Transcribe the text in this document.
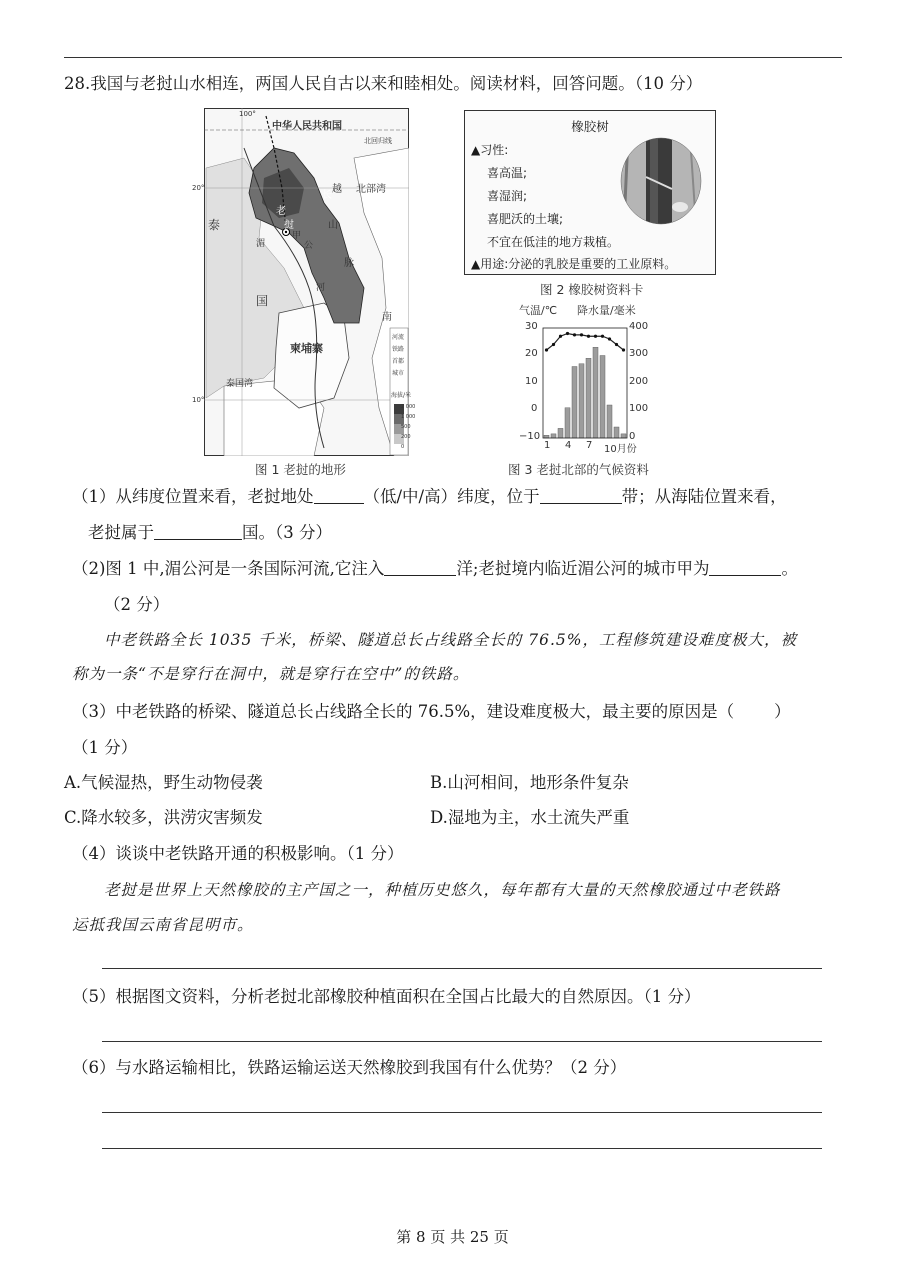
28.我国与老挝山水相连，两国人民自古以来和睦相处。阅读材料，回答问题。（10 分）
100°
中华人民共和国
北回归线
20°
10°
北部湾
越
南
长
老
挝
甲
山
脉
湄	公
河
泰
国
柬埔寨
泰国湾
河流
铁路
首都
城市
海拔/米
2 000
1 000
500
200
0
图 1 老挝的地形
橡胶树
▲习性:
喜高温;
喜湿润;
喜肥沃的土壤;
不宜在低洼的地方栽植。
▲用途:分泌的乳胶是重要的工业原料。
图 2 橡胶树资料卡
气温/℃ 降水量/毫米
30
20
10
0
−10
400
300
200
100
0
1 4 7 10月份
图 3 老挝北部的气候资料
（1）从纬度位置来看，老挝地处	（低/中/高）纬度，位于	带；从海陆位置来看，
老挝属于	国。（3 分）
（2)图 1 中,湄公河是一条国际河流,它注入	洋;老挝境内临近湄公河的城市甲为	。
（2 分）
中老铁路全长 1035 千米，桥梁、隧道总长占线路全长的 76.5%，工程修筑建设难度极大，被
称为一条“不是穿行在洞中，就是穿行在空中”的铁路。
（3）中老铁路的桥梁、隧道总长占线路全长的 76.5%，建设难度极大，最主要的原因是（ ）
（1 分）
A.气候湿热，野生动物侵袭	B.山河相间，地形条件复杂
C.降水较多，洪涝灾害频发	D.湿地为主，水土流失严重
（4）谈谈中老铁路开通的积极影响。（1 分）
老挝是世界上天然橡胶的主产国之一，种植历史悠久，每年都有大量的天然橡胶通过中老铁路
运抵我国云南省昆明市。
（5）根据图文资料，分析老挝北部橡胶种植面积在全国占比最大的自然原因。（1 分）
（6）与水路运输相比，铁路运输运送天然橡胶到我国有什么优势？（2 分）
第 8 页 共 25 页
